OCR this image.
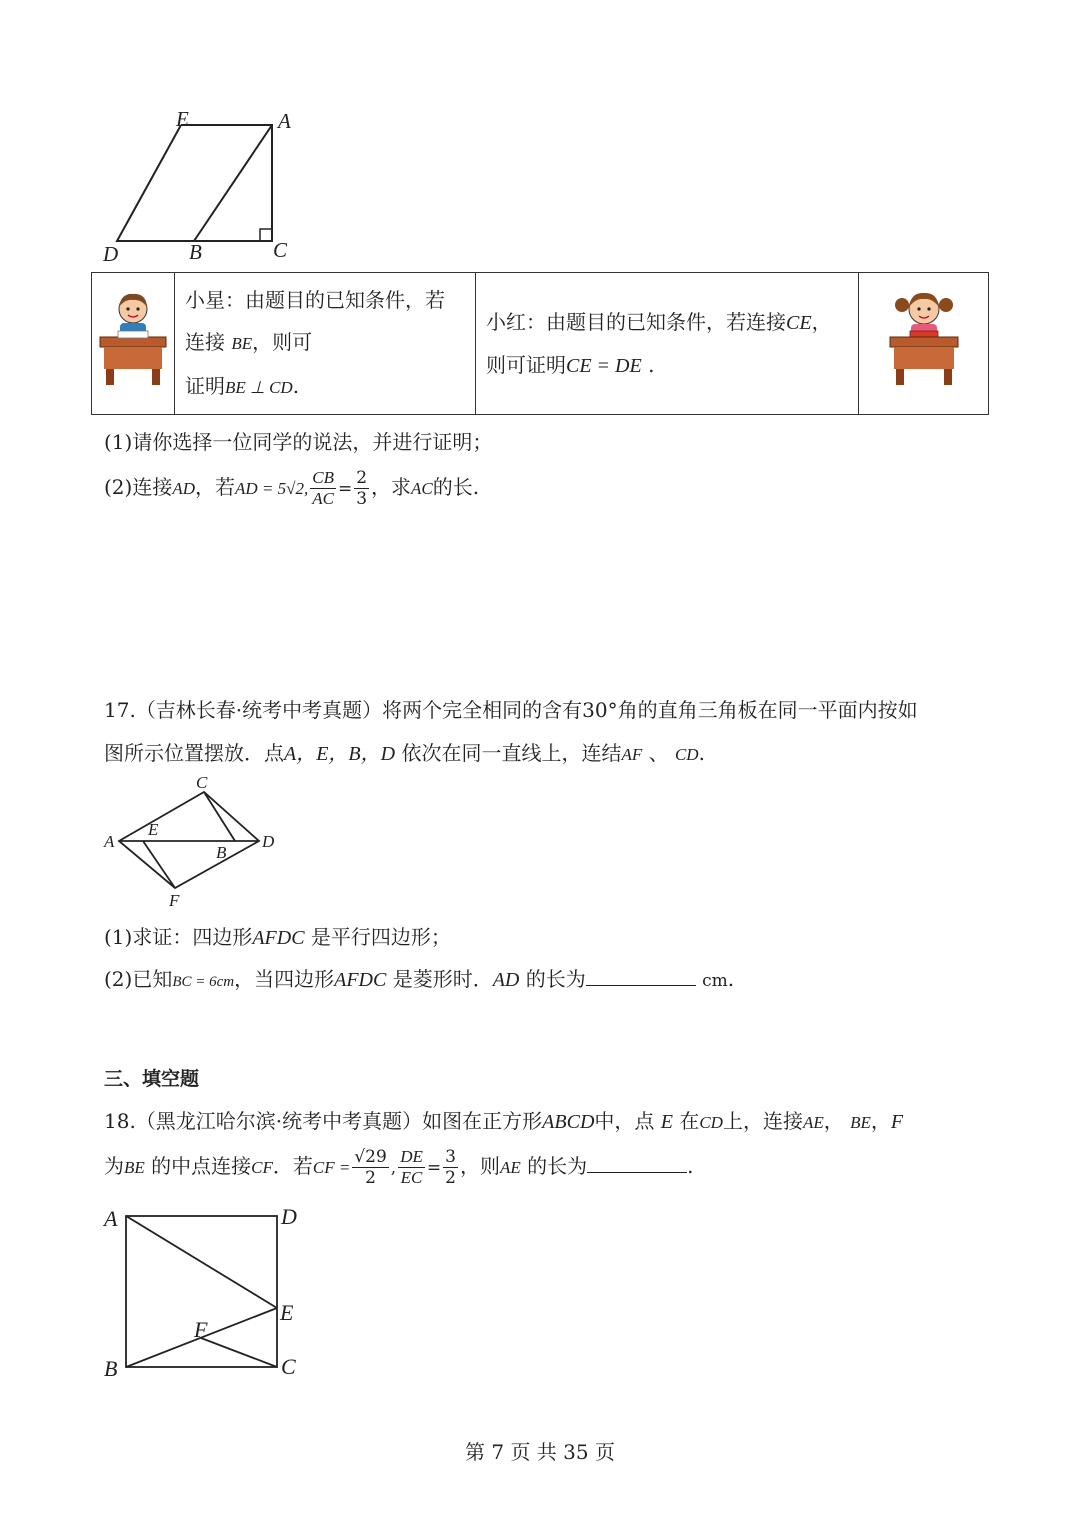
E	A
D	B	C

小星：由题目的已知条件，若
连接 BE，则可
证明BE ⊥ CD.

小红：由题目的已知条件，若连接CE，
则可证明CE = DE .

(1)请你选择一位同学的说法，并进行证明；
(2)连接AD，若AD = 5√2, $\frac{CB}{AC} = \frac{2}{3}$ ，求AC的长.
17.（吉林长春·统考中考真题）将两个完全相同的含有30°角的直角三角板在同一平面内按如
图所示位置摆放．点A，E，B，D 依次在同一直线上，连结AF 、 CD.
C
A
E
B
D
F
(1)求证：四边形AFDC 是平行四边形；
(2)已知BC = 6cm，当四边形AFDC 是菱形时．AD 的长为	cm.
三、填空题
18.（黑龙江哈尔滨·统考中考真题）如图在正方形ABCD中，点 E 在CD上，连接AE， BE，F
为BE 的中点连接CF．若CF = $\frac{√29}{2}$ , $\frac{DE}{EC} = \frac{3}{2}$ ，则AE 的长为	.
A	D
E
F
B	C
第 7 页 共 35 页
